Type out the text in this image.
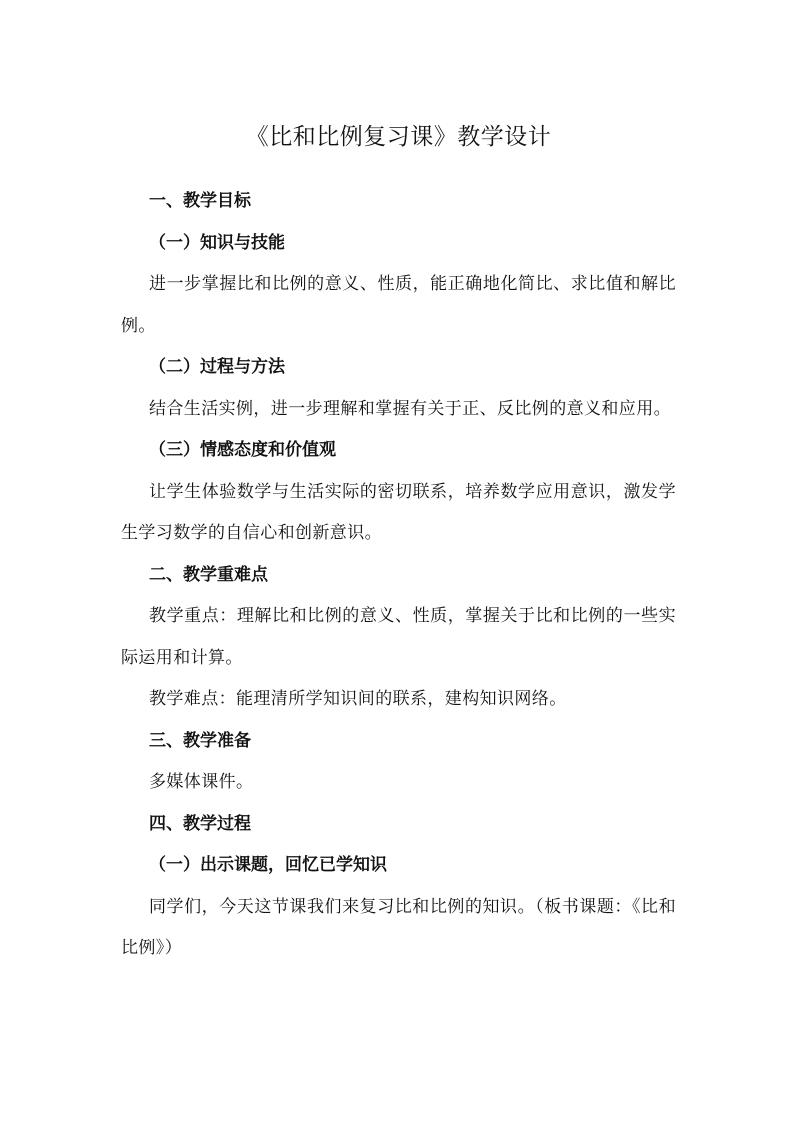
《比和比例复习课》教学设计
一、教学目标
（一）知识与技能
进一步掌握比和比例的意义、性质，能正确地化简比、求比值和解比例。
（二）过程与方法
结合生活实例，进一步理解和掌握有关于正、反比例的意义和应用。
（三）情感态度和价值观
让学生体验数学与生活实际的密切联系，培养数学应用意识，激发学生学习数学的自信心和创新意识。
二、教学重难点
教学重点：理解比和比例的意义、性质，掌握关于比和比例的一些实际运用和计算。
教学难点：能理清所学知识间的联系，建构知识网络。
三、教学准备
多媒体课件。
四、教学过程
（一）出示课题，回忆已学知识
同学们，今天这节课我们来复习比和比例的知识。（板书课题：《比和比例》）
